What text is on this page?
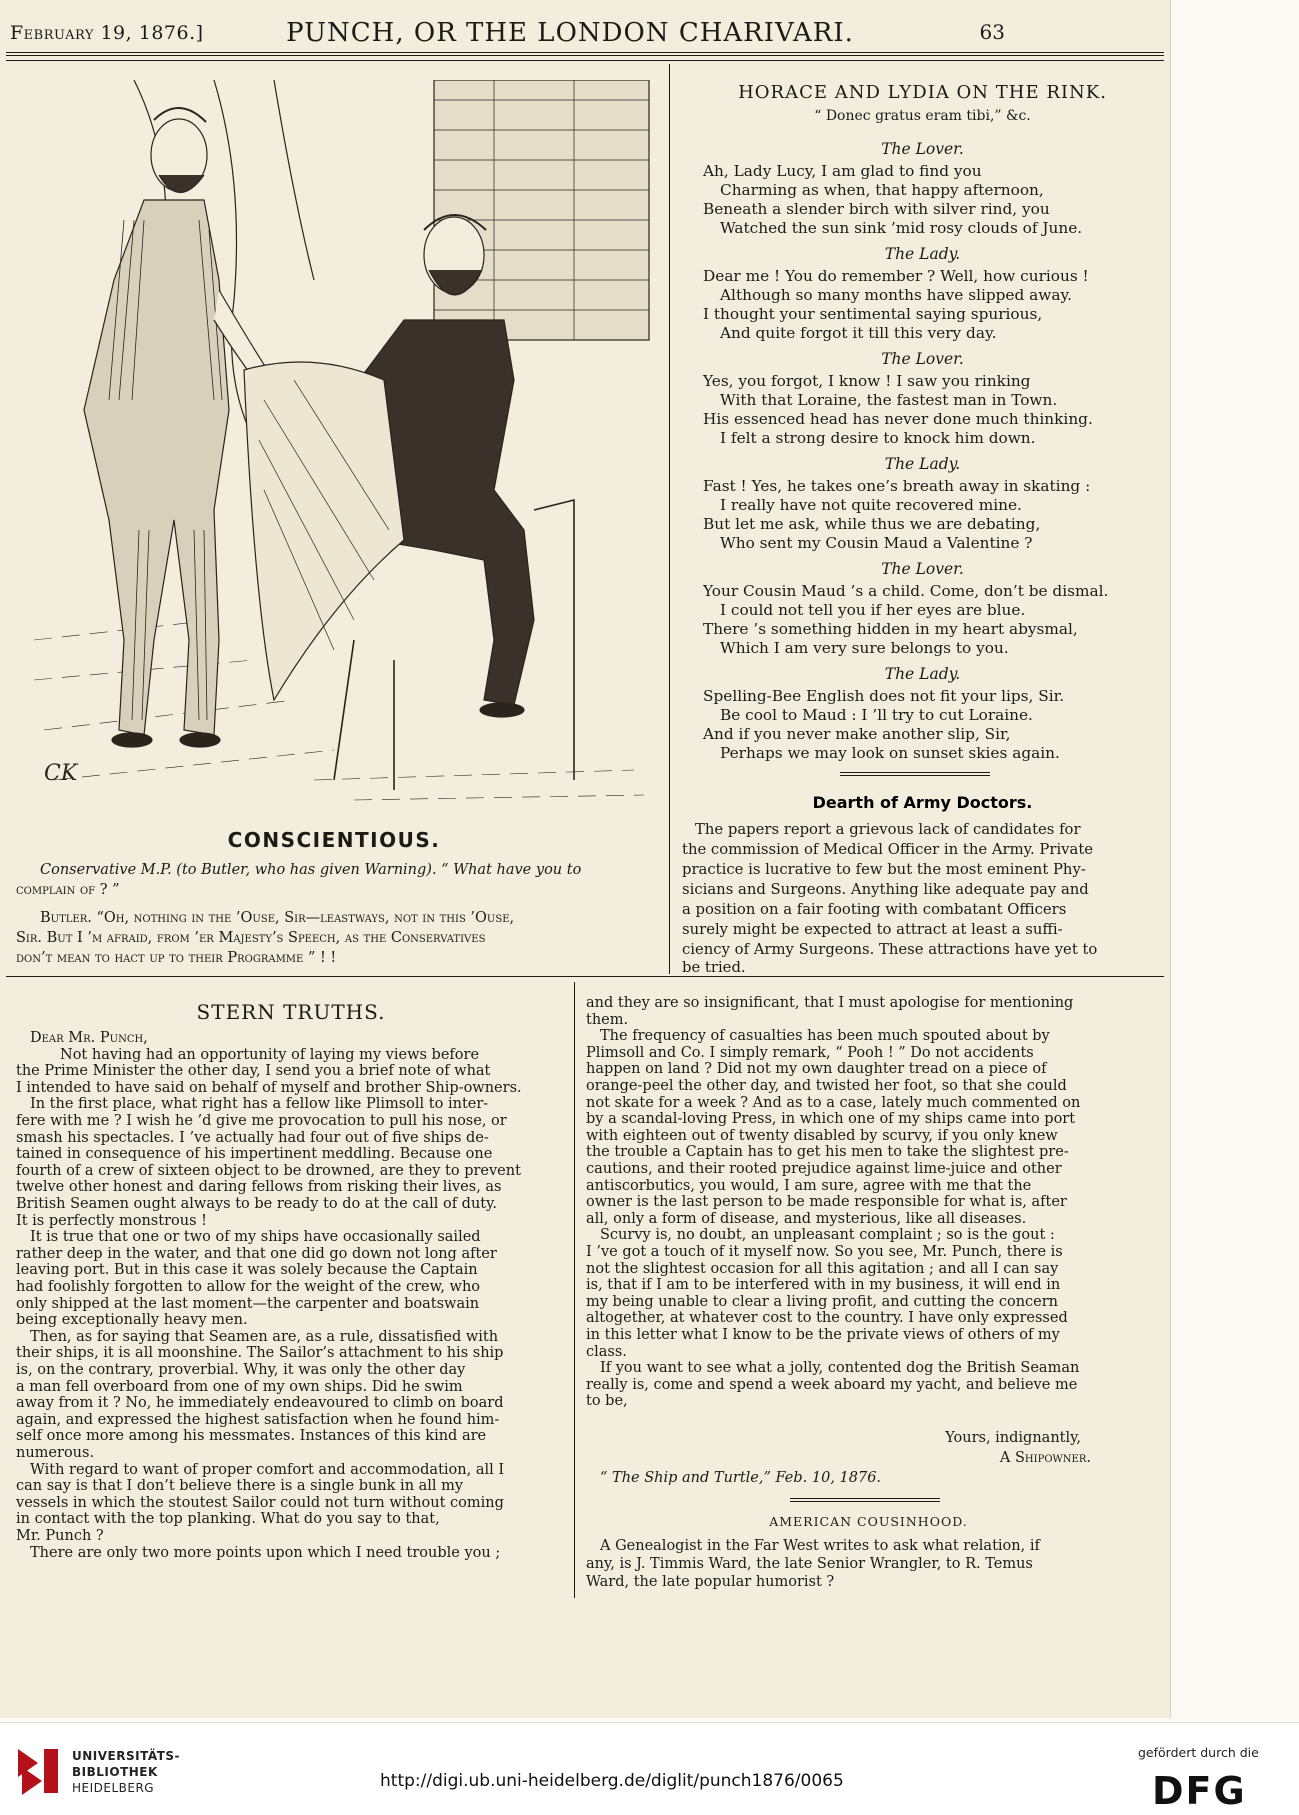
February 19, 1876.]	PUNCH, OR THE LONDON CHARIVARI.	63
CK
CONSCIENTIOUS.
Conservative M.P. (to Butler, who has given Warning). “ What have you to
complain of ? ”
Butler. “Oh, nothing in the ’Ouse, Sir—leastways, not in this ’Ouse,
Sir. But I ’m afraid, from ’er Majesty’s Speech, as the Conservatives
don’t mean to hact up to their Programme ” ! !
HORACE AND LYDIA ON THE RINK.
“ Donec gratus eram tibi,” &c.
The Lover.
Ah, Lady Lucy, I am glad to find you
Charming as when, that happy afternoon,
Beneath a slender birch with silver rind, you
Watched the sun sink ’mid rosy clouds of June.
The Lady.
Dear me ! You do remember ? Well, how curious !
Although so many months have slipped away.
I thought your sentimental saying spurious,
And quite forgot it till this very day.
The Lover.
Yes, you forgot, I know ! I saw you rinking
With that Loraine, the fastest man in Town.
His essenced head has never done much thinking.
I felt a strong desire to knock him down.
The Lady.
Fast ! Yes, he takes one’s breath away in skating :
I really have not quite recovered mine.
But let me ask, while thus we are debating,
Who sent my Cousin Maud a Valentine ?
The Lover.
Your Cousin Maud ’s a child. Come, don’t be dismal.
I could not tell you if her eyes are blue.
There ’s something hidden in my heart abysmal,
Which I am very sure belongs to you.
The Lady.
Spelling-Bee English does not fit your lips, Sir.
Be cool to Maud : I ’ll try to cut Loraine.
And if you never make another slip, Sir,
Perhaps we may look on sunset skies again.
Dearth of Army Doctors.
The papers report a grievous lack of candidates for
the commission of Medical Officer in the Army. Private
practice is lucrative to few but the most eminent Phy-
sicians and Surgeons. Anything like adequate pay and
a position on a fair footing with combatant Officers
surely might be expected to attract at least a suffi-
ciency of Army Surgeons. These attractions have yet to
be tried.
STERN TRUTHS.
Dear Mr. Punch,
Not having had an opportunity of laying my views before
the Prime Minister the other day, I send you a brief note of what
I intended to have said on behalf of myself and brother Ship-owners.
In the first place, what right has a fellow like Plimsoll to inter-
fere with me ? I wish he ’d give me provocation to pull his nose, or
smash his spectacles. I ’ve actually had four out of five ships de-
tained in consequence of his impertinent meddling. Because one
fourth of a crew of sixteen object to be drowned, are they to prevent
twelve other honest and daring fellows from risking their lives, as
British Seamen ought always to be ready to do at the call of duty.
It is perfectly monstrous !
It is true that one or two of my ships have occasionally sailed
rather deep in the water, and that one did go down not long after
leaving port. But in this case it was solely because the Captain
had foolishly forgotten to allow for the weight of the crew, who
only shipped at the last moment—the carpenter and boatswain
being exceptionally heavy men.
Then, as for saying that Seamen are, as a rule, dissatisfied with
their ships, it is all moonshine. The Sailor’s attachment to his ship
is, on the contrary, proverbial. Why, it was only the other day
a man fell overboard from one of my own ships. Did he swim
away from it ? No, he immediately endeavoured to climb on board
again, and expressed the highest satisfaction when he found him-
self once more among his messmates. Instances of this kind are
numerous.
With regard to want of proper comfort and accommodation, all I
can say is that I don’t believe there is a single bunk in all my
vessels in which the stoutest Sailor could not turn without coming
in contact with the top planking. What do you say to that,
Mr. Punch ?
There are only two more points upon which I need trouble you ;
and they are so insignificant, that I must apologise for mentioning
them.
The frequency of casualties has been much spouted about by
Plimsoll and Co. I simply remark, “ Pooh ! ” Do not accidents
happen on land ? Did not my own daughter tread on a piece of
orange-peel the other day, and twisted her foot, so that she could
not skate for a week ? And as to a case, lately much commented on
by a scandal-loving Press, in which one of my ships came into port
with eighteen out of twenty disabled by scurvy, if you only knew
the trouble a Captain has to get his men to take the slightest pre-
cautions, and their rooted prejudice against lime-juice and other
antiscorbutics, you would, I am sure, agree with me that the
owner is the last person to be made responsible for what is, after
all, only a form of disease, and mysterious, like all diseases.
Scurvy is, no doubt, an unpleasant complaint ; so is the gout :
I ’ve got a touch of it myself now. So you see, Mr. Punch, there is
not the slightest occasion for all this agitation ; and all I can say
is, that if I am to be interfered with in my business, it will end in
my being unable to clear a living profit, and cutting the concern
altogether, at whatever cost to the country. I have only expressed
in this letter what I know to be the private views of others of my
class.
If you want to see what a jolly, contented dog the British Seaman
really is, come and spend a week aboard my yacht, and believe me
to be,
Yours, indignantly,
A Shipowner.
“ The Ship and Turtle,” Feb. 10, 1876.
AMERICAN COUSINHOOD.
A Genealogist in the Far West writes to ask what relation, if
any, is J. Timmis Ward, the late Senior Wrangler, to R. Temus
Ward, the late popular humorist ?
UNIVERSITÄTS-
BIBLIOTHEK
HEIDELBERG	http://digi.ub.uni-heidelberg.de/diglit/punch1876/0065
gefördert durch die
DFG
